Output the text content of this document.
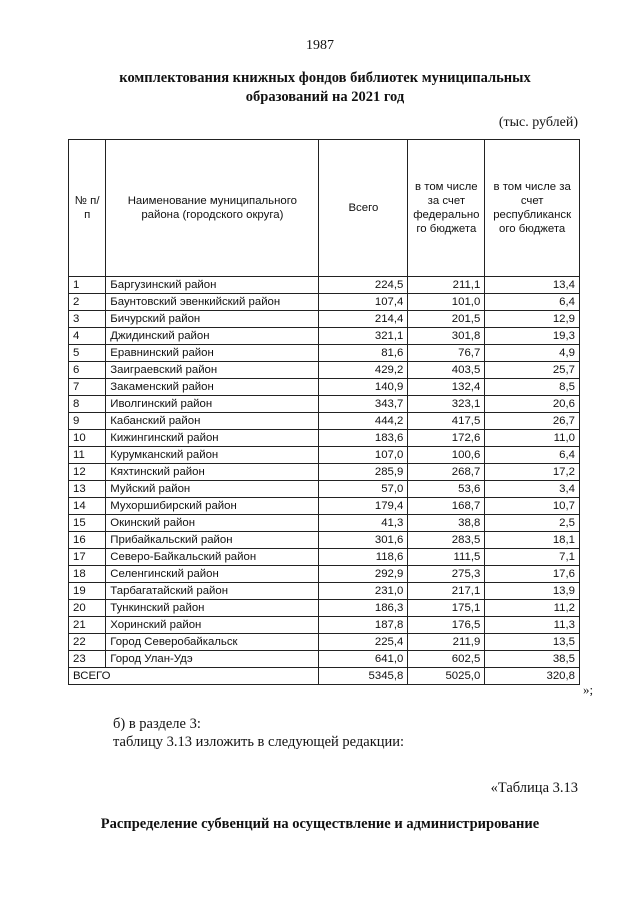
1987
комплектования книжных фондов библиотек муниципальных
образований на 2021 год
(тыс. рублей)
№ п/п	Наименование муниципального района (городского округа)	Всего	в том числе за счет федерально го бюджета	в том числе за счет республиканск ого бюджета
1	Баргузинский район	224,5	211,1	13,4
2	Баунтовский эвенкийский район	107,4	101,0	6,4
3	Бичурский район	214,4	201,5	12,9
4	Джидинский район	321,1	301,8	19,3
5	Еравнинский район	81,6	76,7	4,9
6	Заиграевский район	429,2	403,5	25,7
7	Закаменский район	140,9	132,4	8,5
8	Иволгинский район	343,7	323,1	20,6
9	Кабанский район	444,2	417,5	26,7
10	Кижингинский район	183,6	172,6	11,0
11	Курумканский район	107,0	100,6	6,4
12	Кяхтинский район	285,9	268,7	17,2
13	Муйский район	57,0	53,6	3,4
14	Мухоршибирский район	179,4	168,7	10,7
15	Окинский район	41,3	38,8	2,5
16	Прибайкальский район	301,6	283,5	18,1
17	Северо-Байкальский район	118,6	111,5	7,1
18	Селенгинский район	292,9	275,3	17,6
19	Тарбагатайский район	231,0	217,1	13,9
20	Тункинский район	186,3	175,1	11,2
21	Хоринский район	187,8	176,5	11,3
22	Город Северобайкальск	225,4	211,9	13,5
23	Город Улан-Удэ	641,0	602,5	38,5
ВСЕГО		5345,8	5025,0	320,8
»;
б) в разделе 3:
таблицу 3.13 изложить в следующей редакции:
«Таблица 3.13
Распределение субвенций на осуществление и администрирование
